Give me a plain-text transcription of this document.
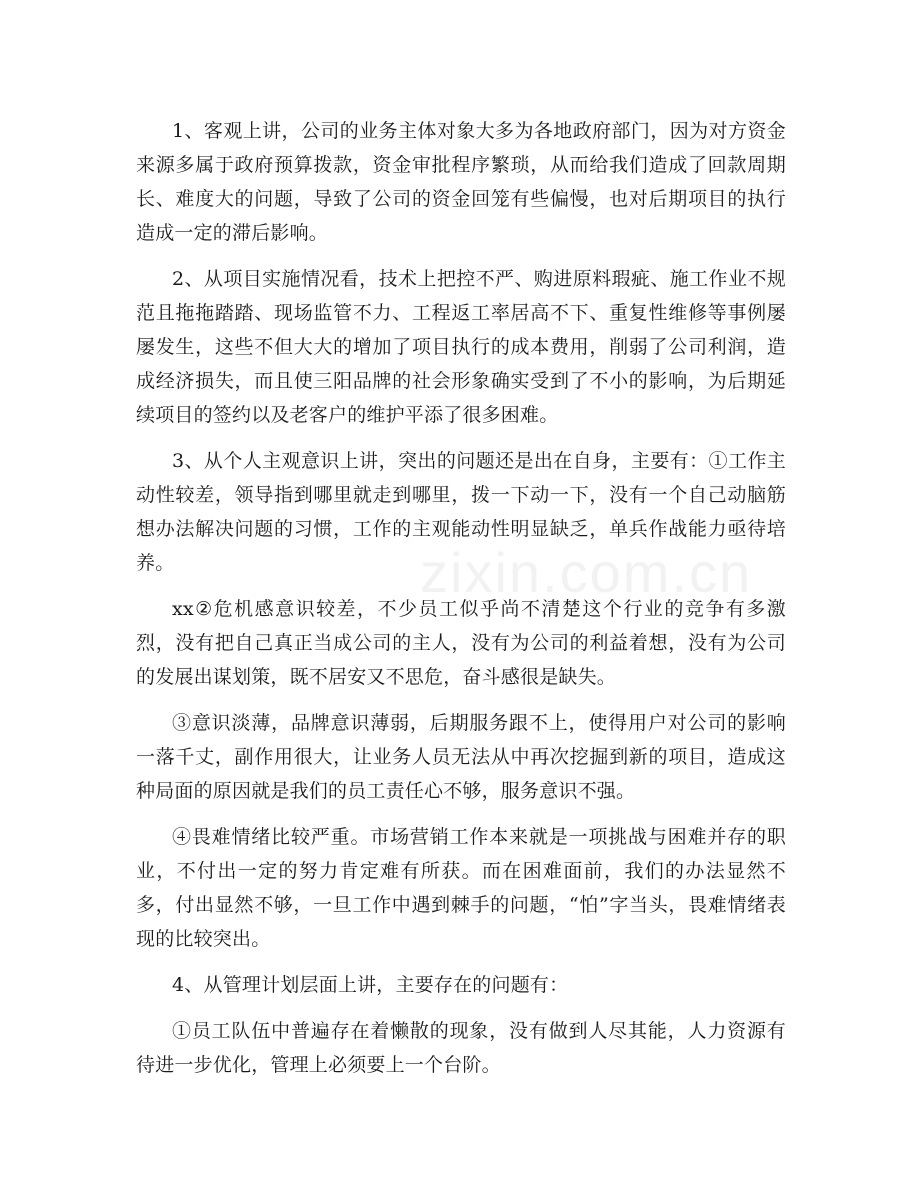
1、客观上讲，公司的业务主体对象大多为各地政府部门，因为对方资金来源多属于政府预算拨款，资金审批程序繁琐，从而给我们造成了回款周期长、难度大的问题，导致了公司的资金回笼有些偏慢，也对后期项目的执行造成一定的滞后影响。

2、从项目实施情况看，技术上把控不严、购进原料瑕疵、施工作业不规范且拖拖踏踏、现场监管不力、工程返工率居高不下、重复性维修等事例屡屡发生，这些不但大大的增加了项目执行的成本费用，削弱了公司利润，造成经济损失，而且使三阳品牌的社会形象确实受到了不小的影响，为后期延续项目的签约以及老客户的维护平添了很多困难。

3、从个人主观意识上讲，突出的问题还是出在自身，主要有：①工作主动性较差，领导指到哪里就走到哪里，拨一下动一下，没有一个自己动脑筋想办法解决问题的习惯，工作的主观能动性明显缺乏，单兵作战能力亟待培养。

xx②危机感意识较差，不少员工似乎尚不清楚这个行业的竞争有多激烈，没有把自己真正当成公司的主人，没有为公司的利益着想，没有为公司的发展出谋划策，既不居安又不思危，奋斗感很是缺失。

③意识淡薄，品牌意识薄弱，后期服务跟不上，使得用户对公司的影响一落千丈，副作用很大，让业务人员无法从中再次挖掘到新的项目，造成这种局面的原因就是我们的员工责任心不够，服务意识不强。

④畏难情绪比较严重。市场营销工作本来就是一项挑战与困难并存的职业，不付出一定的努力肯定难有所获。而在困难面前，我们的办法显然不多，付出显然不够，一旦工作中遇到棘手的问题，“怕”字当头，畏难情绪表现的比较突出。

4、从管理计划层面上讲，主要存在的问题有：

①员工队伍中普遍存在着懒散的现象，没有做到人尽其能，人力资源有待进一步优化，管理上必须要上一个台阶。

zixin.com.cn
